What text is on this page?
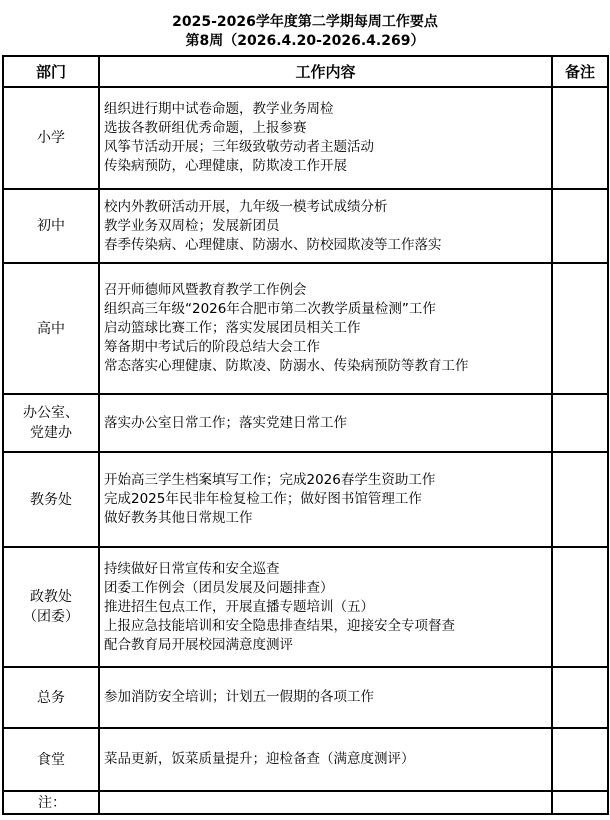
2025-2026学年度第二学期每周工作要点
第8周（2026.4.20-2026.4.269）
部门	工作内容	备注
小学	组织进行期中试卷命题，教学业务周检
选拔各教研组优秀命题，上报参赛
风筝节活动开展；三年级致敬劳动者主题活动
传染病预防，心理健康，防欺凌工作开展	

初中	校内外教研活动开展，九年级一模考试成绩分析
教学业务双周检；发展新团员
春季传染病、心理健康、防溺水、防校园欺凌等工作落实	

高中	召开师德师风暨教育教学工作例会
组织高三年级“2026年合肥市第二次教学质量检测”工作
启动篮球比赛工作；落实发展团员相关工作
筹备期中考试后的阶段总结大会工作
常态落实心理健康、防欺凌、防溺水、传染病预防等教育工作	

办公室、
党建办	落实办公室日常工作；落实党建日常工作	

教务处	开始高三学生档案填写工作；完成2026春学生资助工作
完成2025年民非年检复检工作；做好图书馆管理工作
做好教务其他日常规工作	

政教处（团委）	持续做好日常宣传和安全巡查
团委工作例会（团员发展及问题排查）
推进招生包点工作，开展直播专题培训（五）
上报应急技能培训和安全隐患排查结果，迎接安全专项督查
配合教育局开展校园满意度测评	

总务	参加消防安全培训；计划五一假期的各项工作	

食堂	菜品更新，饭菜质量提升；迎检备查（满意度测评）	

注：		
